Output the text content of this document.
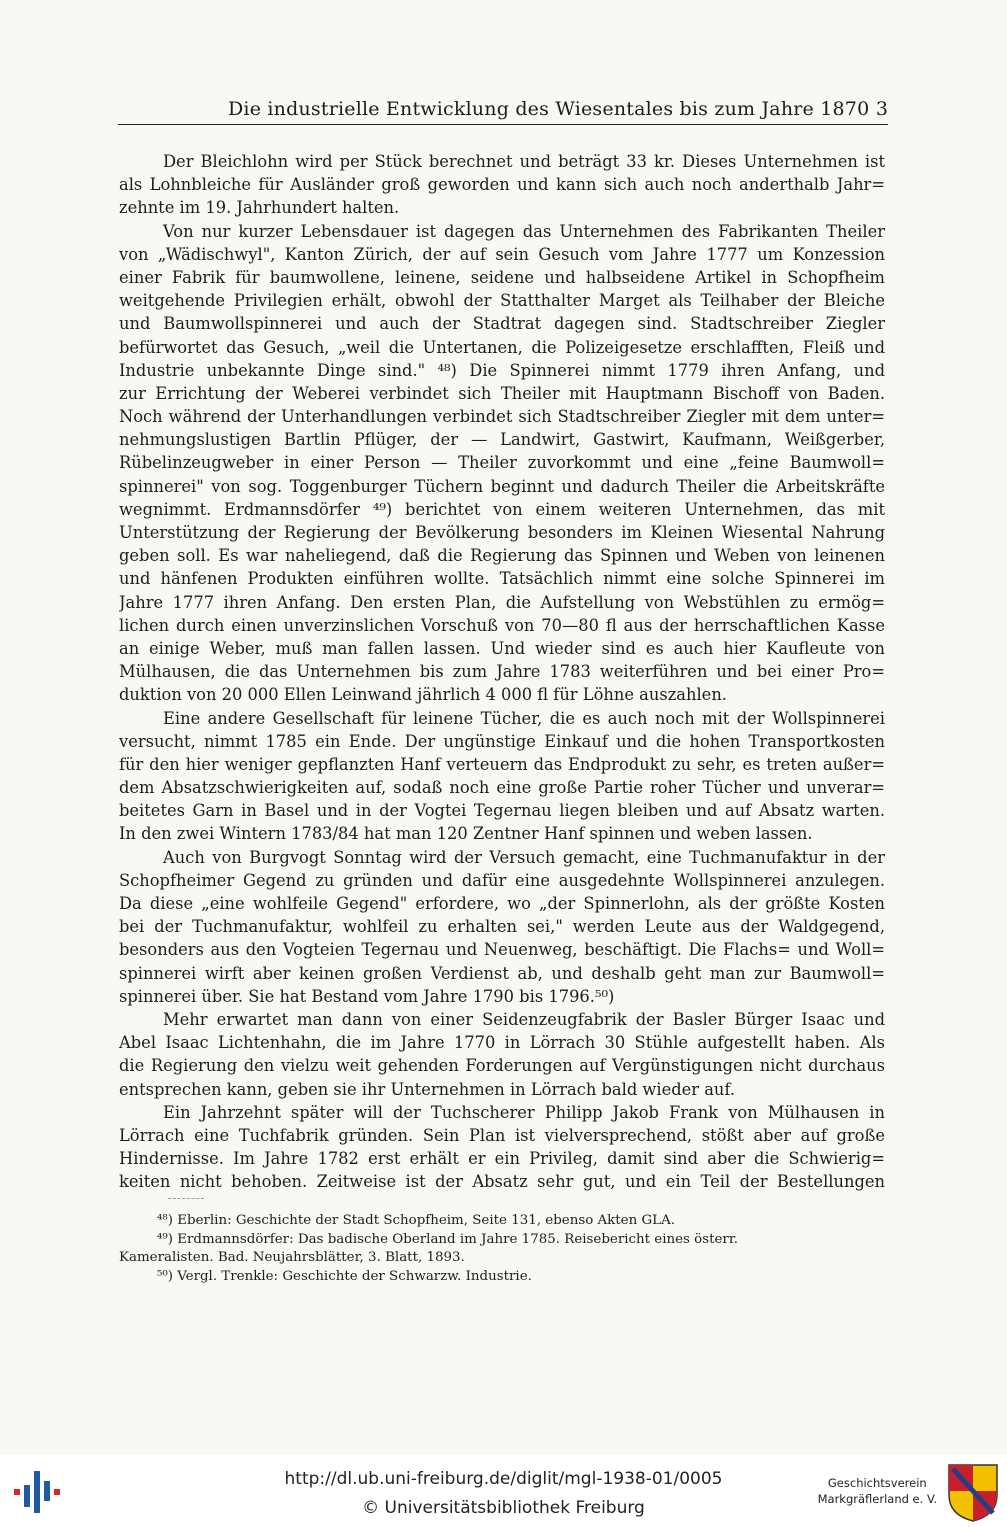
Die industrielle Entwicklung des Wiesentales bis zum Jahre 1870 3
Der Bleichlohn wird per Stück berechnet und beträgt 33 kr. Dieses Unternehmen ist
als Lohnbleiche für Ausländer groß geworden und kann sich auch noch anderthalb Jahr=
zehnte im 19. Jahrhundert halten.
Von nur kurzer Lebensdauer ist dagegen das Unternehmen des Fabrikanten Theiler
von „Wädischwyl", Kanton Zürich, der auf sein Gesuch vom Jahre 1777 um Konzession
einer Fabrik für baumwollene, leinene, seidene und halbseidene Artikel in Schopfheim
weitgehende Privilegien erhält, obwohl der Statthalter Marget als Teilhaber der Bleiche
und Baumwollspinnerei und auch der Stadtrat dagegen sind. Stadtschreiber Ziegler
befürwortet das Gesuch, „weil die Untertanen, die Polizeigesetze erschlafften, Fleiß und
Industrie unbekannte Dinge sind." ⁴⁸) Die Spinnerei nimmt 1779 ihren Anfang, und
zur Errichtung der Weberei verbindet sich Theiler mit Hauptmann Bischoff von Baden.
Noch während der Unterhandlungen verbindet sich Stadtschreiber Ziegler mit dem unter=
nehmungslustigen Bartlin Pflüger, der — Landwirt, Gastwirt, Kaufmann, Weißgerber,
Rübelinzeugweber in einer Person — Theiler zuvorkommt und eine „feine Baumwoll=
spinnerei" von sog. Toggenburger Tüchern beginnt und dadurch Theiler die Arbeitskräfte
wegnimmt. Erdmannsdörfer ⁴⁹) berichtet von einem weiteren Unternehmen, das mit
Unterstützung der Regierung der Bevölkerung besonders im Kleinen Wiesental Nahrung
geben soll. Es war naheliegend, daß die Regierung das Spinnen und Weben von leinenen
und hänfenen Produkten einführen wollte. Tatsächlich nimmt eine solche Spinnerei im
Jahre 1777 ihren Anfang. Den ersten Plan, die Aufstellung von Webstühlen zu ermög=
lichen durch einen unverzinslichen Vorschuß von 70—80 fl aus der herrschaftlichen Kasse
an einige Weber, muß man fallen lassen. Und wieder sind es auch hier Kaufleute von
Mülhausen, die das Unternehmen bis zum Jahre 1783 weiterführen und bei einer Pro=
duktion von 20 000 Ellen Leinwand jährlich 4 000 fl für Löhne auszahlen.
Eine andere Gesellschaft für leinene Tücher, die es auch noch mit der Wollspinnerei
versucht, nimmt 1785 ein Ende. Der ungünstige Einkauf und die hohen Transportkosten
für den hier weniger gepflanzten Hanf verteuern das Endprodukt zu sehr, es treten außer=
dem Absatzschwierigkeiten auf, sodaß noch eine große Partie roher Tücher und unverar=
beitetes Garn in Basel und in der Vogtei Tegernau liegen bleiben und auf Absatz warten.
In den zwei Wintern 1783/84 hat man 120 Zentner Hanf spinnen und weben lassen.
Auch von Burgvogt Sonntag wird der Versuch gemacht, eine Tuchmanufaktur in der
Schopfheimer Gegend zu gründen und dafür eine ausgedehnte Wollspinnerei anzulegen.
Da diese „eine wohlfeile Gegend" erfordere, wo „der Spinnerlohn, als der größte Kosten
bei der Tuchmanufaktur, wohlfeil zu erhalten sei," werden Leute aus der Waldgegend,
besonders aus den Vogteien Tegernau und Neuenweg, beschäftigt. Die Flachs= und Woll=
spinnerei wirft aber keinen großen Verdienst ab, und deshalb geht man zur Baumwoll=
spinnerei über. Sie hat Bestand vom Jahre 1790 bis 1796.⁵⁰)
Mehr erwartet man dann von einer Seidenzeugfabrik der Basler Bürger Isaac und
Abel Isaac Lichtenhahn, die im Jahre 1770 in Lörrach 30 Stühle aufgestellt haben. Als
die Regierung den vielzu weit gehenden Forderungen auf Vergünstigungen nicht durchaus
entsprechen kann, geben sie ihr Unternehmen in Lörrach bald wieder auf.
Ein Jahrzehnt später will der Tuchscherer Philipp Jakob Frank von Mülhausen in
Lörrach eine Tuchfabrik gründen. Sein Plan ist vielversprechend, stößt aber auf große
Hindernisse. Im Jahre 1782 erst erhält er ein Privileg, damit sind aber die Schwierig=
keiten nicht behoben. Zeitweise ist der Absatz sehr gut, und ein Teil der Bestellungen
⁴⁸) Eberlin: Geschichte der Stadt Schopfheim, Seite 131, ebenso Akten GLA.
⁴⁹) Erdmannsdörfer: Das badische Oberland im Jahre 1785. Reisebericht eines österr.
Kameralisten. Bad. Neujahrsblätter, 3. Blatt, 1893.
⁵⁰) Vergl. Trenkle: Geschichte der Schwarzw. Industrie.
http://dl.ub.uni-freiburg.de/diglit/mgl-1938-01/0005
© Universitätsbibliothek Freiburg
Geschichtsverein
Markgräflerland e. V.
